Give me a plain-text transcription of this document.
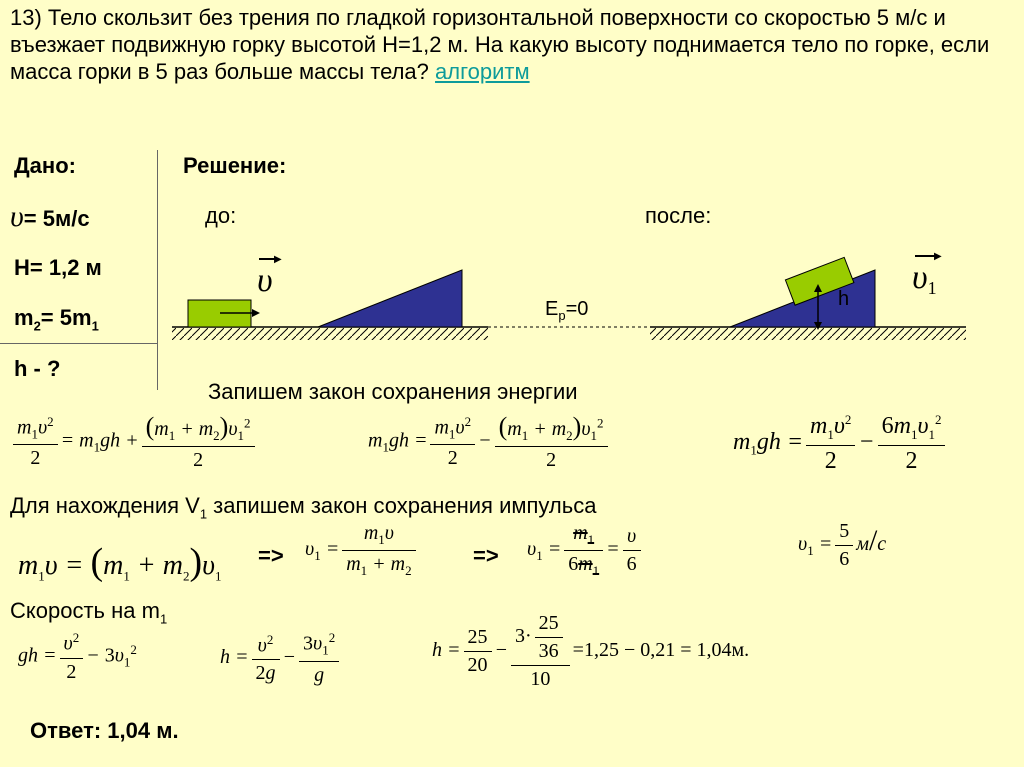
13) Тело скользит без трения по гладкой горизонтальной поверхности со скоростью 5 м/с и въезжает подвижную горку высотой Н=1,2 м. На какую высоту поднимается тело по горке, если масса горки в 5 раз больше массы тела? алгоритм
Дано:
υ= 5м/с
H= 1,2 м
$m_2= 5m_1$
h - ?
Решение:
до:	после:
▶
υ
$E_p=0$	h
▶
υ1
Запишем закон сохранения энергии
$\frac{m_1\upsilon^2}{2} = m_1gh + \frac{(m_1 + m_2)\upsilon_1^2}{2}$	$m_1gh = \frac{m_1\upsilon^2}{2} - \frac{(m_1 + m_2)\upsilon_1^2}{2}$	$m_1gh = \frac{m_1\upsilon^2}{2} - \frac{6m_1\upsilon_1^2}{2}$
Для нахождения $V_1$ запишем закон сохранения импульса
$m_1\upsilon = (m_1 + m_2)\upsilon_1$
=> $\upsilon_1 = \frac{m_1\upsilon}{m_1 + m_2}$	=> $\upsilon_1 = \frac{m_1}{6m_1} = \frac{\upsilon}{6}$	$\upsilon_1 = \frac{5}{6} м/с$
Скорость на $m_1$
gh = $\frac{\upsilon^2}{2} - 3\upsilon_1^2$	$h = \frac{\upsilon^2}{2g} - \frac{3\upsilon_1^2}{g}$	$h = \frac{25}{20} - \frac{3\cdot \frac{25}{36}}{10} =1,25 - 0,21 = 1,04м$.
Ответ: 1,04 м.
